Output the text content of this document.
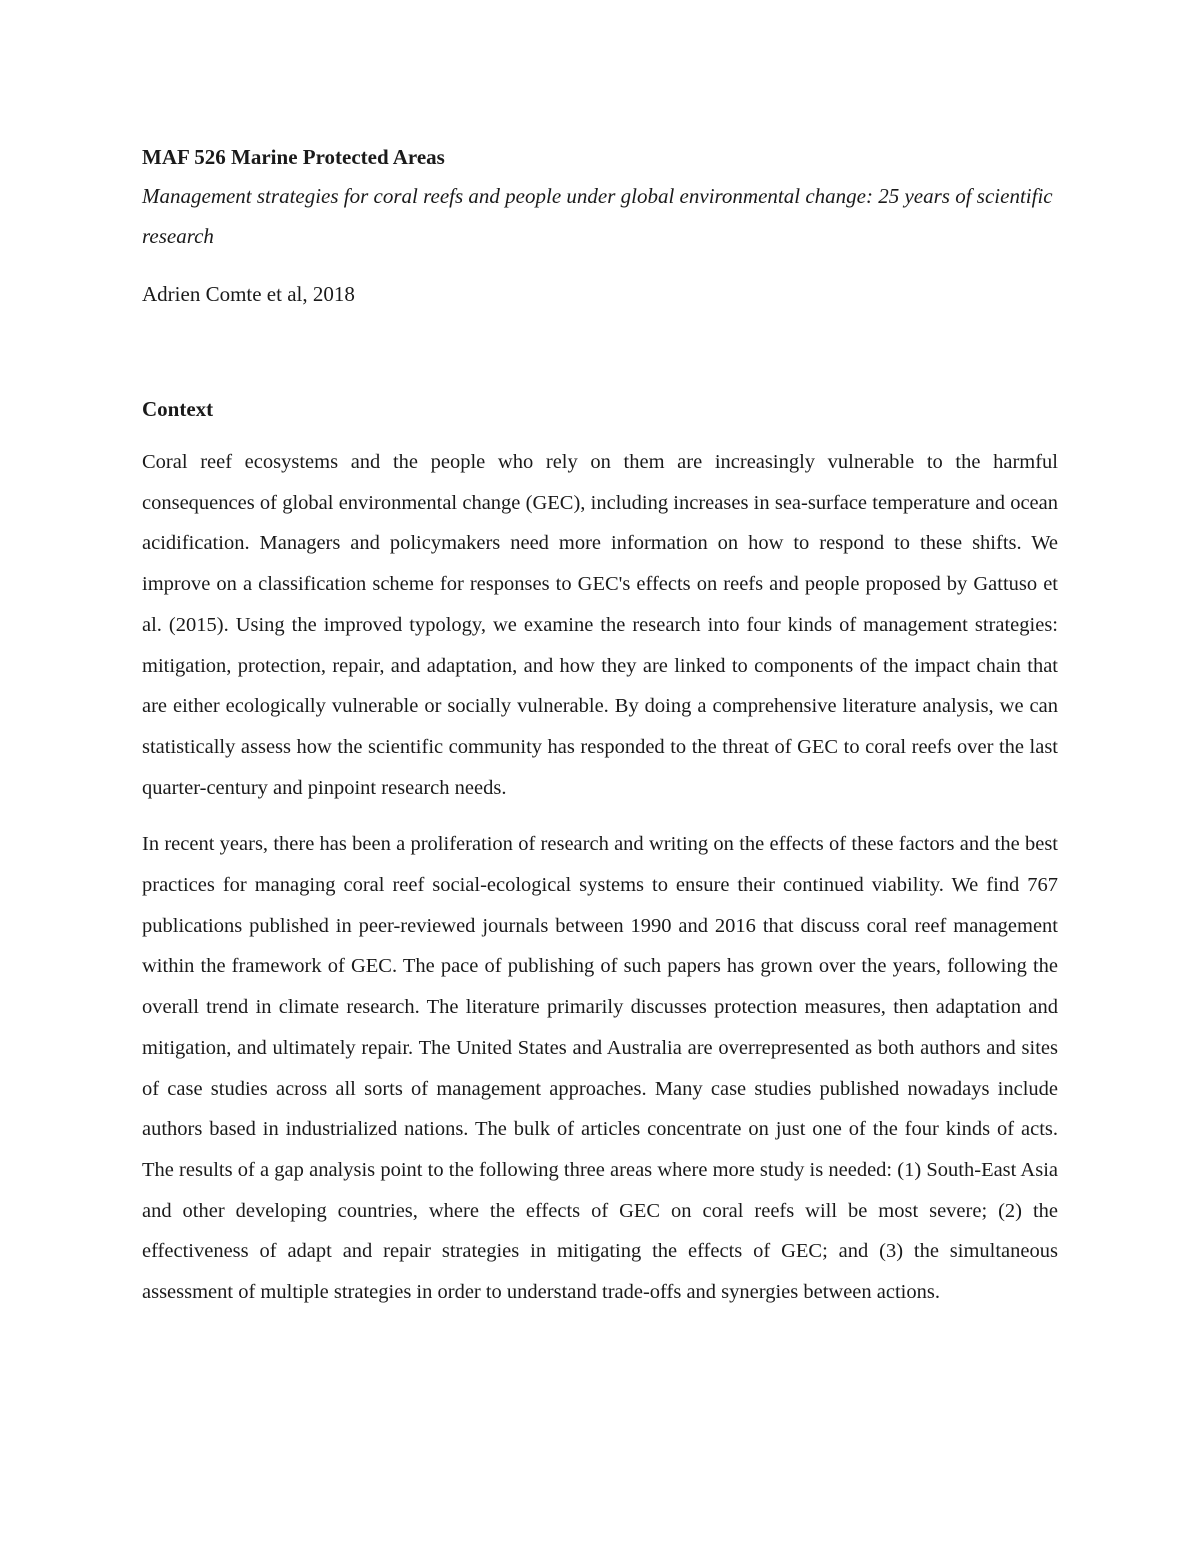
MAF 526 Marine Protected Areas

Management strategies for coral reefs and people under global environmental change: 25 years of scientific research

Adrien Comte et al, 2018

Context

Coral reef ecosystems and the people who rely on them are increasingly vulnerable to the harmful consequences of global environmental change (GEC), including increases in sea-surface temperature and ocean acidification. Managers and policymakers need more information on how to respond to these shifts. We improve on a classification scheme for responses to GEC's effects on reefs and people proposed by Gattuso et al. (2015). Using the improved typology, we examine the research into four kinds of management strategies: mitigation, protection, repair, and adaptation, and how they are linked to components of the impact chain that are either ecologically vulnerable or socially vulnerable. By doing a comprehensive literature analysis, we can statistically assess how the scientific community has responded to the threat of GEC to coral reefs over the last quarter-century and pinpoint research needs.

In recent years, there has been a proliferation of research and writing on the effects of these factors and the best practices for managing coral reef social-ecological systems to ensure their continued viability. We find 767 publications published in peer-reviewed journals between 1990 and 2016 that discuss coral reef management within the framework of GEC. The pace of publishing of such papers has grown over the years, following the overall trend in climate research. The literature primarily discusses protection measures, then adaptation and mitigation, and ultimately repair. The United States and Australia are overrepresented as both authors and sites of case studies across all sorts of management approaches. Many case studies published nowadays include authors based in industrialized nations. The bulk of articles concentrate on just one of the four kinds of acts. The results of a gap analysis point to the following three areas where more study is needed: (1) South-East Asia and other developing countries, where the effects of GEC on coral reefs will be most severe; (2) the effectiveness of adapt and repair strategies in mitigating the effects of GEC; and (3) the simultaneous assessment of multiple strategies in order to understand trade-offs and synergies between actions.
